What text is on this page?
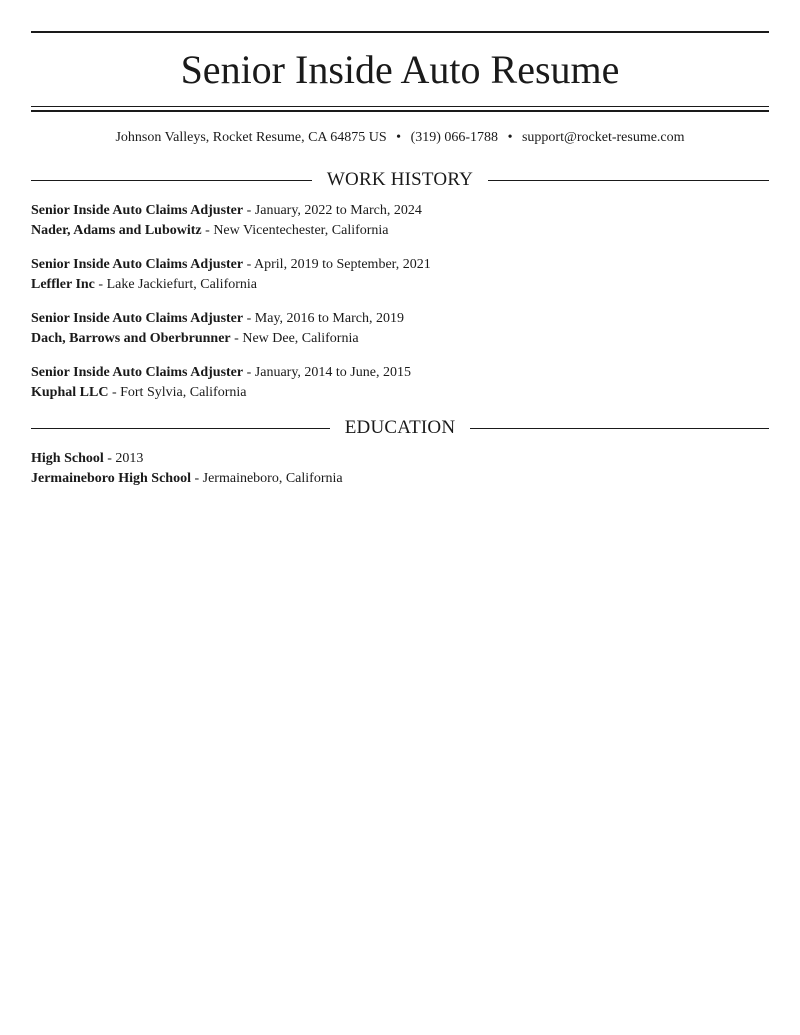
Senior Inside Auto Resume
Johnson Valleys, Rocket Resume, CA 64875 US • (319) 066-1788 • support@rocket-resume.com
WORK HISTORY
Senior Inside Auto Claims Adjuster - January, 2022 to March, 2024
Nader, Adams and Lubowitz - New Vicentechester, California
Senior Inside Auto Claims Adjuster - April, 2019 to September, 2021
Leffler Inc - Lake Jackiefurt, California
Senior Inside Auto Claims Adjuster - May, 2016 to March, 2019
Dach, Barrows and Oberbrunner - New Dee, California
Senior Inside Auto Claims Adjuster - January, 2014 to June, 2015
Kuphal LLC - Fort Sylvia, California
EDUCATION
High School - 2013
Jermaineboro High School - Jermaineboro, California
